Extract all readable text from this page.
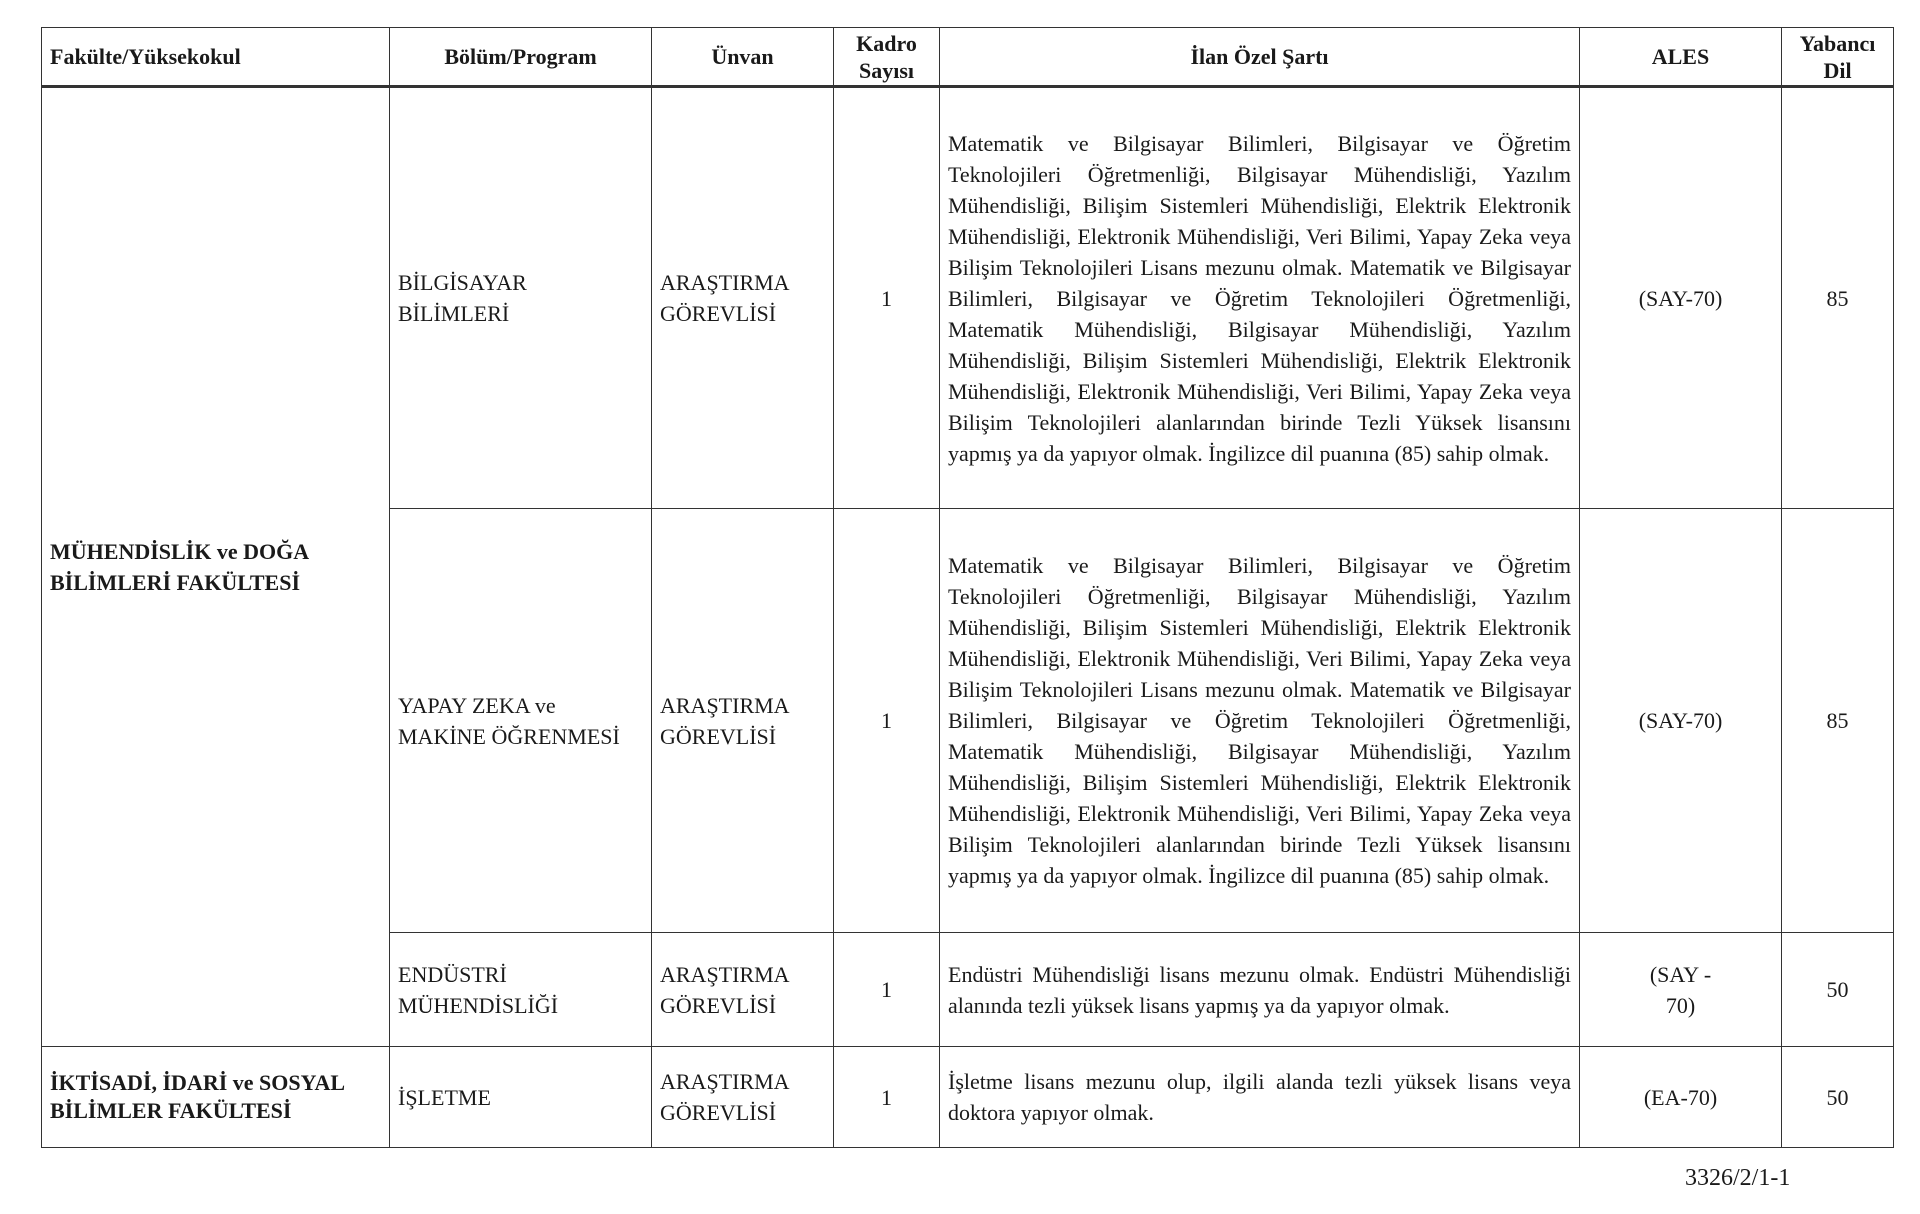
Fakülte/Yüksekokul	Bölüm/Program	Ünvan	Kadro Sayısı	İlan Özel Şartı	ALES	Yabancı Dil
MÜHENDİSLİK ve DOĞA BİLİMLERİ FAKÜLTESİ	BİLGİSAYAR BİLİMLERİ	ARAŞTIRMA GÖREVLİSİ	1	Matematik ve Bilgisayar Bilimleri, Bilgisayar ve Öğretim Teknolojileri Öğretmenliği, Bilgisayar Mühendisliği, Yazılım Mühendisliği, Bilişim Sistemleri Mühendisliği, Elektrik Elektronik Mühendisliği, Elektronik Mühendisliği, Veri Bilimi, Yapay Zeka veya Bilişim Teknolojileri Lisans mezunu olmak. Matematik ve Bilgisayar Bilimleri, Bilgisayar ve Öğretim Teknolojileri Öğretmenliği, Matematik Mühendisliği, Bilgisayar Mühendisliği, Yazılım Mühendisliği, Bilişim Sistemleri Mühendisliği, Elektrik Elektronik Mühendisliği, Elektronik Mühendisliği, Veri Bilimi, Yapay Zeka veya Bilişim Teknolojileri alanlarından birinde Tezli Yüksek lisansını yapmış ya da yapıyor olmak. İngilizce dil puanına (85) sahip olmak.	(SAY-70)	85
	YAPAY ZEKA ve MAKİNE ÖĞRENMESİ	ARAŞTIRMA GÖREVLİSİ	1	Matematik ve Bilgisayar Bilimleri, Bilgisayar ve Öğretim Teknolojileri Öğretmenliği, Bilgisayar Mühendisliği, Yazılım Mühendisliği, Bilişim Sistemleri Mühendisliği, Elektrik Elektronik Mühendisliği, Elektronik Mühendisliği, Veri Bilimi, Yapay Zeka veya Bilişim Teknolojileri Lisans mezunu olmak. Matematik ve Bilgisayar Bilimleri, Bilgisayar ve Öğretim Teknolojileri Öğretmenliği, Matematik Mühendisliği, Bilgisayar Mühendisliği, Yazılım Mühendisliği, Bilişim Sistemleri Mühendisliği, Elektrik Elektronik Mühendisliği, Elektronik Mühendisliği, Veri Bilimi, Yapay Zeka veya Bilişim Teknolojileri alanlarından birinde Tezli Yüksek lisansını yapmış ya da yapıyor olmak. İngilizce dil puanına (85) sahip olmak.	(SAY-70)	85
	ENDÜSTRİ MÜHENDİSLİĞİ	ARAŞTIRMA GÖREVLİSİ	1	Endüstri Mühendisliği lisans mezunu olmak. Endüstri Mühendisliği alanında tezli yüksek lisans yapmış ya da yapıyor olmak.	(SAY - 70)	50
İKTİSADİ, İDARİ ve SOSYAL BİLİMLER FAKÜLTESİ	İŞLETME	ARAŞTIRMA GÖREVLİSİ	1	İşletme lisans mezunu olup, ilgili alanda tezli yüksek lisans veya doktora yapıyor olmak.	(EA-70)	50
3326/2/1-1
